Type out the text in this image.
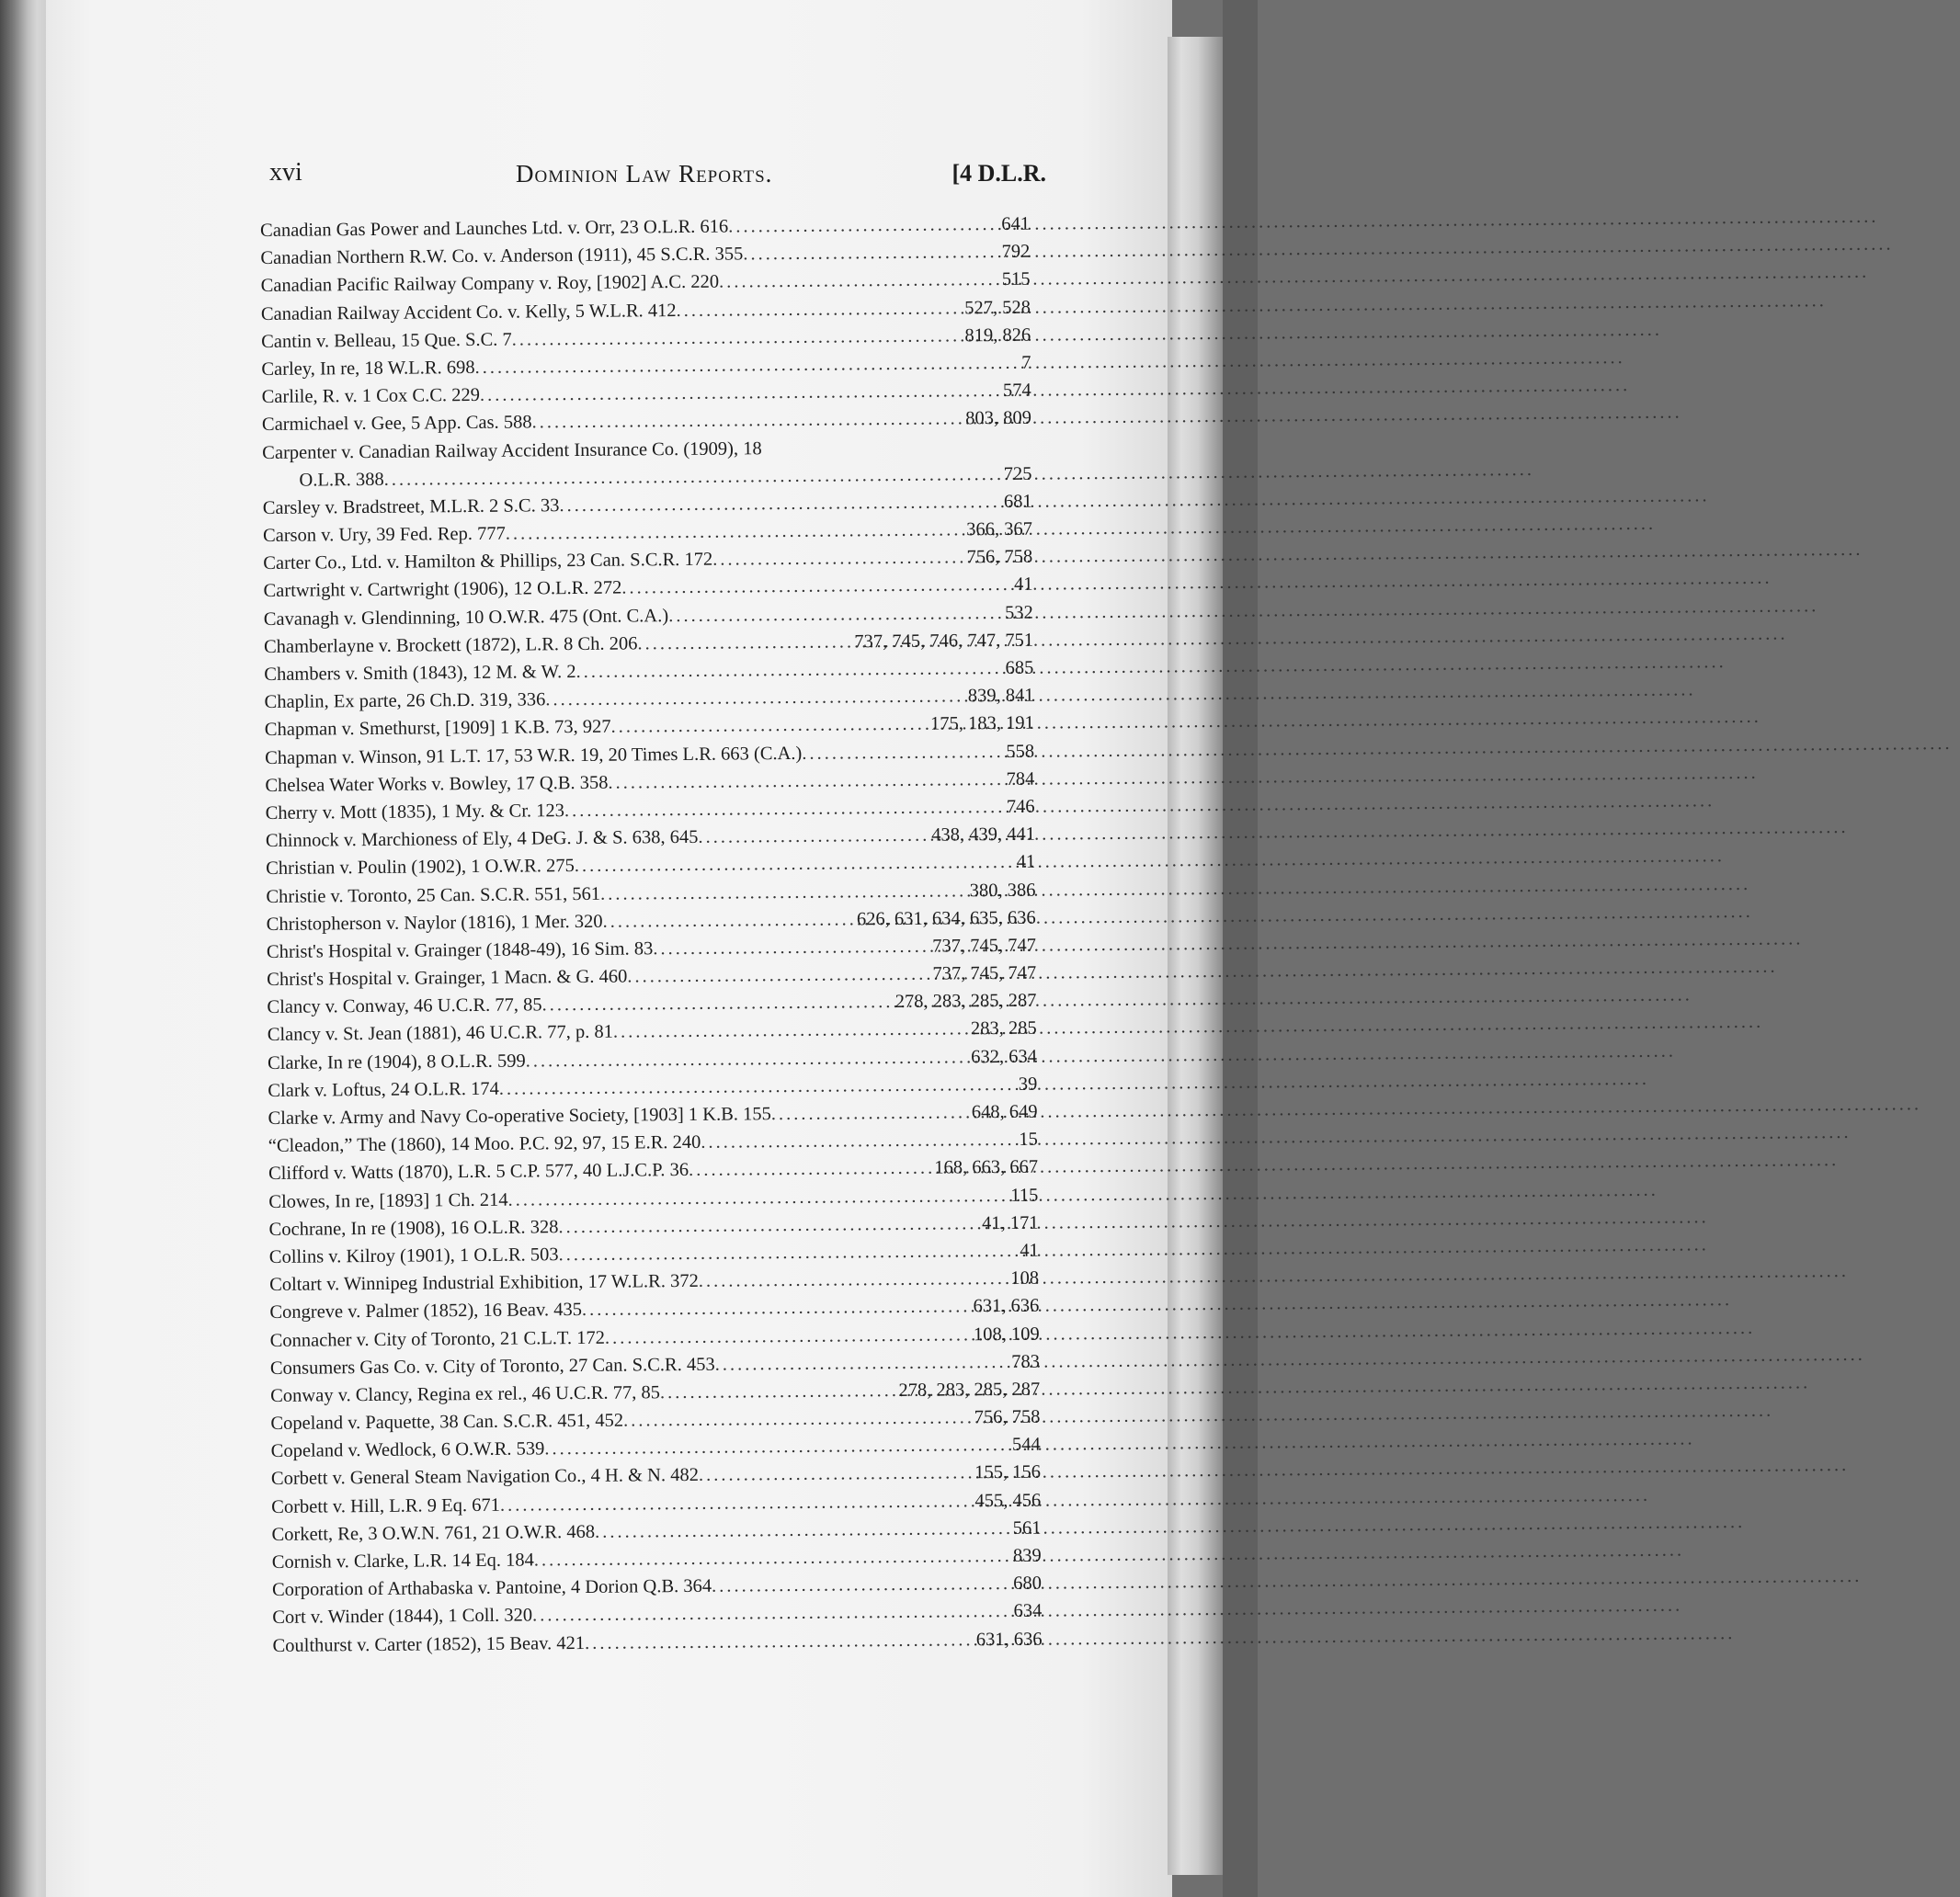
xvi	Dominion Law Reports.	[4 D.L.R.
Canadian Gas Power and Launches Ltd. v. Orr, 23 O.L.R. 616 .....	641
Canadian Northern R.W. Co. v. Anderson (1911), 45 S.C.R. 355 .....	792
Canadian Pacific Railway Company v. Roy, [1902] A.C. 220 .....	515
Canadian Railway Accident Co. v. Kelly, 5 W.L.R. 412 .....	527, 528
Cantin v. Belleau, 15 Que. S.C. 7 .....	819, 826
Carley, In re, 18 W.L.R. 698 .....	7
Carlile, R. v. 1 Cox C.C. 229 .....	574
Carmichael v. Gee, 5 App. Cas. 588 .....	803, 809
Carpenter v. Canadian Railway Accident Insurance Co. (1909), 18
O.L.R. 388 .....	725
Carsley v. Bradstreet, M.L.R. 2 S.C. 33 .....	681
Carson v. Ury, 39 Fed. Rep. 777 .....	366, 367
Carter Co., Ltd. v. Hamilton & Phillips, 23 Can. S.C.R. 172 .....	756, 758
Cartwright v. Cartwright (1906), 12 O.L.R. 272 .....	41
Cavanagh v. Glendinning, 10 O.W.R. 475 (Ont. C.A.) .....	532
Chamberlayne v. Brockett (1872), L.R. 8 Ch. 206 .....	737, 745, 746, 747, 751
Chambers v. Smith (1843), 12 M. & W. 2 .....	685
Chaplin, Ex parte, 26 Ch.D. 319, 336 .....	839, 841
Chapman v. Smethurst, [1909] 1 K.B. 73, 927 .....	175, 183, 191
Chapman v. Winson, 91 L.T. 17, 53 W.R. 19, 20 Times L.R. 663 (C.A.) .....	558
Chelsea Water Works v. Bowley, 17 Q.B. 358 .....	784
Cherry v. Mott (1835), 1 My. & Cr. 123 .....	746
Chinnock v. Marchioness of Ely, 4 DeG. J. & S. 638, 645 .....	438, 439, 441
Christian v. Poulin (1902), 1 O.W.R. 275 .....	41
Christie v. Toronto, 25 Can. S.C.R. 551, 561 .....	380, 386
Christopherson v. Naylor (1816), 1 Mer. 320 .....	626, 631, 634, 635, 636
Christ's Hospital v. Grainger (1848-49), 16 Sim. 83 .....	737, 745, 747
Christ's Hospital v. Grainger, 1 Macn. & G. 460 .....	737, 745, 747
Clancy v. Conway, 46 U.C.R. 77, 85 .....	278, 283, 285, 287
Clancy v. St. Jean (1881), 46 U.C.R. 77, p. 81 .....	283, 285
Clarke, In re (1904), 8 O.L.R. 599 .....	632, 634
Clark v. Loftus, 24 O.L.R. 174 .....	39
Clarke v. Army and Navy Co-operative Society, [1903] 1 K.B. 155 .....	648, 649
“Cleadon,” The (1860), 14 Moo. P.C. 92, 97, 15 E.R. 240 .....	15
Clifford v. Watts (1870), L.R. 5 C.P. 577, 40 L.J.C.P. 36 .....	168, 663, 667
Clowes, In re, [1893] 1 Ch. 214 .....	115
Cochrane, In re (1908), 16 O.L.R. 328 .....	41, 171
Collins v. Kilroy (1901), 1 O.L.R. 503 .....	41
Coltart v. Winnipeg Industrial Exhibition, 17 W.L.R. 372 .....	108
Congreve v. Palmer (1852), 16 Beav. 435 .....	631, 636
Connacher v. City of Toronto, 21 C.L.T. 172 .....	108, 109
Consumers Gas Co. v. City of Toronto, 27 Can. S.C.R. 453 .....	783
Conway v. Clancy, Regina ex rel., 46 U.C.R. 77, 85 .....	278, 283, 285, 287
Copeland v. Paquette, 38 Can. S.C.R. 451, 452 .....	756, 758
Copeland v. Wedlock, 6 O.W.R. 539 .....	544
Corbett v. General Steam Navigation Co., 4 H. & N. 482 .....	155, 156
Corbett v. Hill, L.R. 9 Eq. 671 .....	455, 456
Corkett, Re, 3 O.W.N. 761, 21 O.W.R. 468 .....	561
Cornish v. Clarke, L.R. 14 Eq. 184 .....	839
Corporation of Arthabaska v. Pantoine, 4 Dorion Q.B. 364 .....	680
Cort v. Winder (1844), 1 Coll. 320 .....	634
Coulthurst v. Carter (1852), 15 Beav. 421 .....	631, 636
